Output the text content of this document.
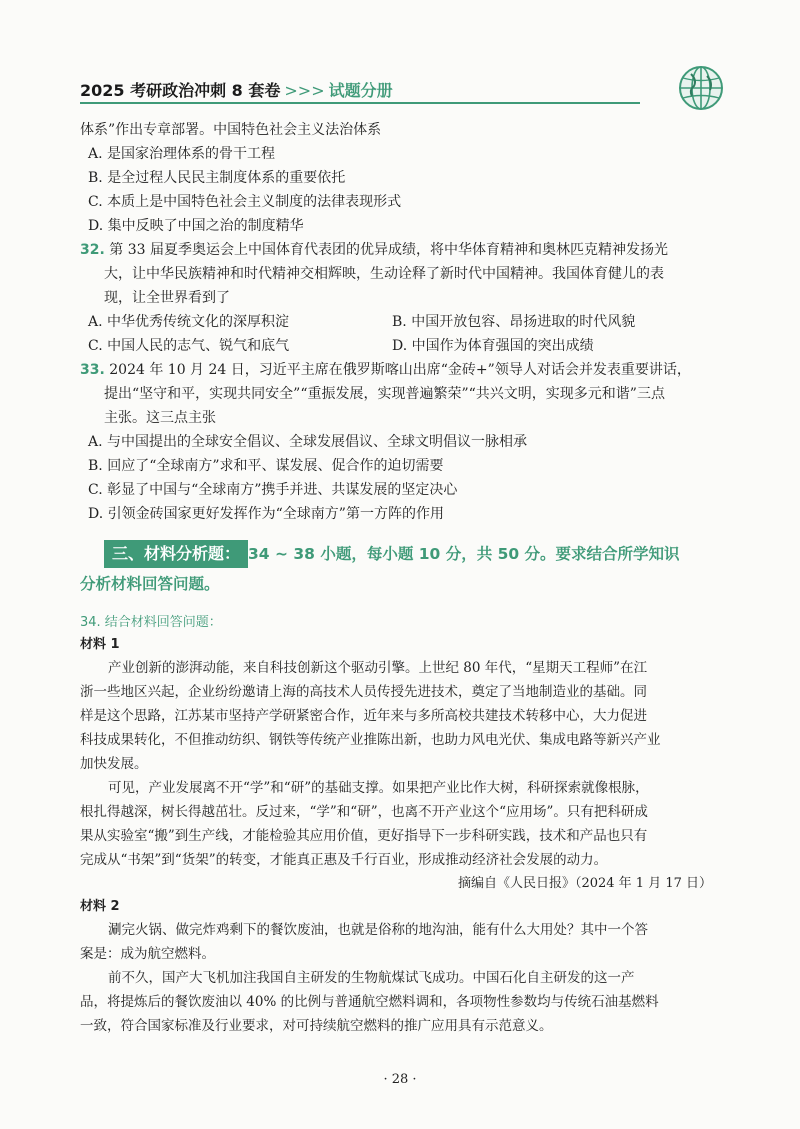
2025 考研政治冲刺 8 套卷 >>> 试题分册
体系”作出专章部署。中国特色社会主义法治体系
A. 是国家治理体系的骨干工程
B. 是全过程人民民主制度体系的重要依托
C. 本质上是中国特色社会主义制度的法律表现形式
D. 集中反映了中国之治的制度精华
32. 第 33 届夏季奥运会上中国体育代表团的优异成绩，将中华体育精神和奥林匹克精神发扬光
大，让中华民族精神和时代精神交相辉映，生动诠释了新时代中国精神。我国体育健儿的表
现，让全世界看到了
A. 中华优秀传统文化的深厚积淀	B. 中国开放包容、昂扬进取的时代风貌
C. 中国人民的志气、锐气和底气	D. 中国作为体育强国的突出成绩
33. 2024 年 10 月 24 日，习近平主席在俄罗斯喀山出席“金砖+”领导人对话会并发表重要讲话，
提出“坚守和平，实现共同安全”“重振发展，实现普遍繁荣”“共兴文明，实现多元和谐”三点
主张。这三点主张
A. 与中国提出的全球安全倡议、全球发展倡议、全球文明倡议一脉相承
B. 回应了“全球南方”求和平、谋发展、促合作的迫切需要
C. 彰显了中国与“全球南方”携手并进、共谋发展的坚定决心
D. 引领金砖国家更好发挥作为“全球南方”第一方阵的作用
三、材料分析题： 34 ~ 38 小题，每小题 10 分，共 50 分。要求结合所学知识
分析材料回答问题。
34. 结合材料回答问题：
材料 1
产业创新的澎湃动能，来自科技创新这个驱动引擎。上世纪 80 年代，“星期天工程师”在江
浙一些地区兴起，企业纷纷邀请上海的高技术人员传授先进技术，奠定了当地制造业的基础。同
样是这个思路，江苏某市坚持产学研紧密合作，近年来与多所高校共建技术转移中心，大力促进
科技成果转化，不但推动纺织、钢铁等传统产业推陈出新，也助力风电光伏、集成电路等新兴产业
加快发展。
可见，产业发展离不开“学”和“研”的基础支撑。如果把产业比作大树，科研探索就像根脉，
根扎得越深，树长得越茁壮。反过来，“学”和“研”，也离不开产业这个“应用场”。只有把科研成
果从实验室“搬”到生产线，才能检验其应用价值，更好指导下一步科研实践，技术和产品也只有
完成从“书架”到“货架”的转变，才能真正惠及千行百业，形成推动经济社会发展的动力。
摘编自《人民日报》（2024 年 1 月 17 日）
材料 2
涮完火锅、做完炸鸡剩下的餐饮废油，也就是俗称的地沟油，能有什么大用处？其中一个答
案是：成为航空燃料。
前不久，国产大飞机加注我国自主研发的生物航煤试飞成功。中国石化自主研发的这一产
品，将提炼后的餐饮废油以 40% 的比例与普通航空燃料调和，各项物性参数均与传统石油基燃料
一致，符合国家标准及行业要求，对可持续航空燃料的推广应用具有示范意义。
· 28 ·
